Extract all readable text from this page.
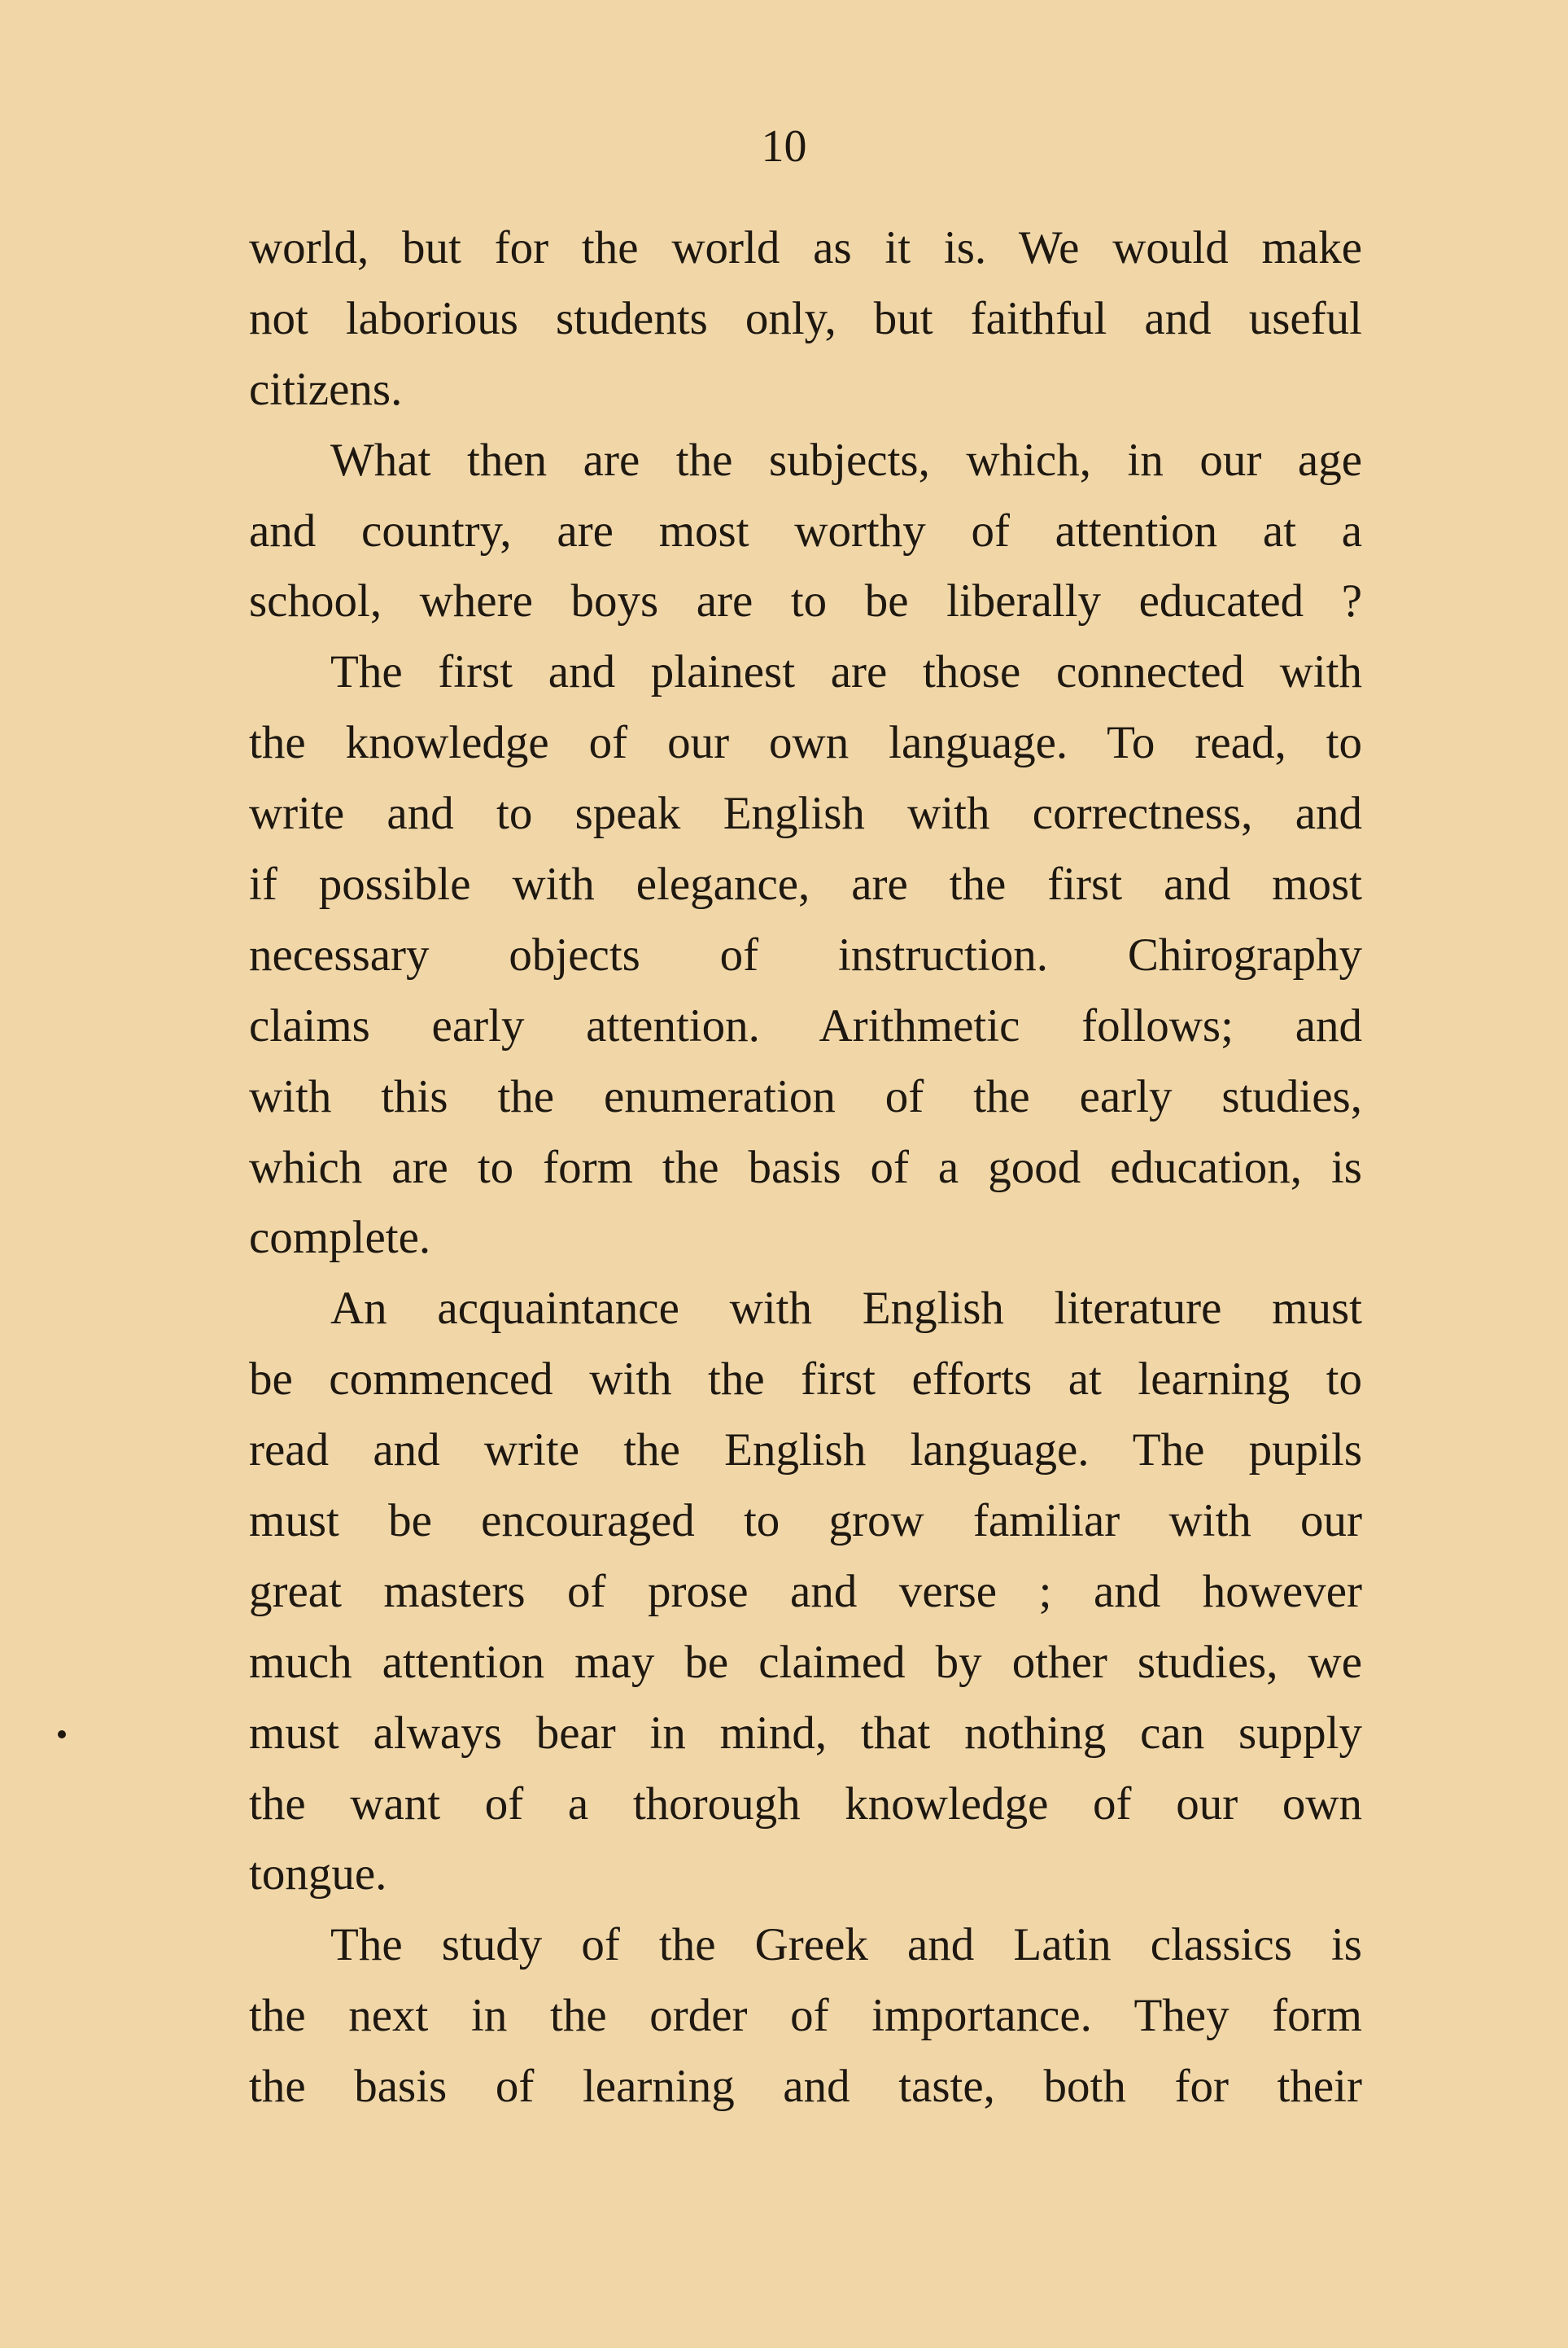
10
world, but for the world as it is. We would make
not laborious students only, but faithful and useful
citizens.
What then are the subjects, which, in our age
and country, are most worthy of attention at a
school, where boys are to be liberally educated ?
The first and plainest are those connected with
the knowledge of our own language. To read, to
write and to speak English with correctness, and
if possible with elegance, are the first and most
necessary objects of instruction. Chirography
claims early attention. Arithmetic follows; and
with this the enumeration of the early studies,
which are to form the basis of a good education, is
complete.
An acquaintance with English literature must
be commenced with the first efforts at learning to
read and write the English language. The pupils
must be encouraged to grow familiar with our
great masters of prose and verse ; and however
much attention may be claimed by other studies, we
must always bear in mind, that nothing can supply
the want of a thorough knowledge of our own
tongue.
The study of the Greek and Latin classics is
the next in the order of importance. They form
the basis of learning and taste, both for their
